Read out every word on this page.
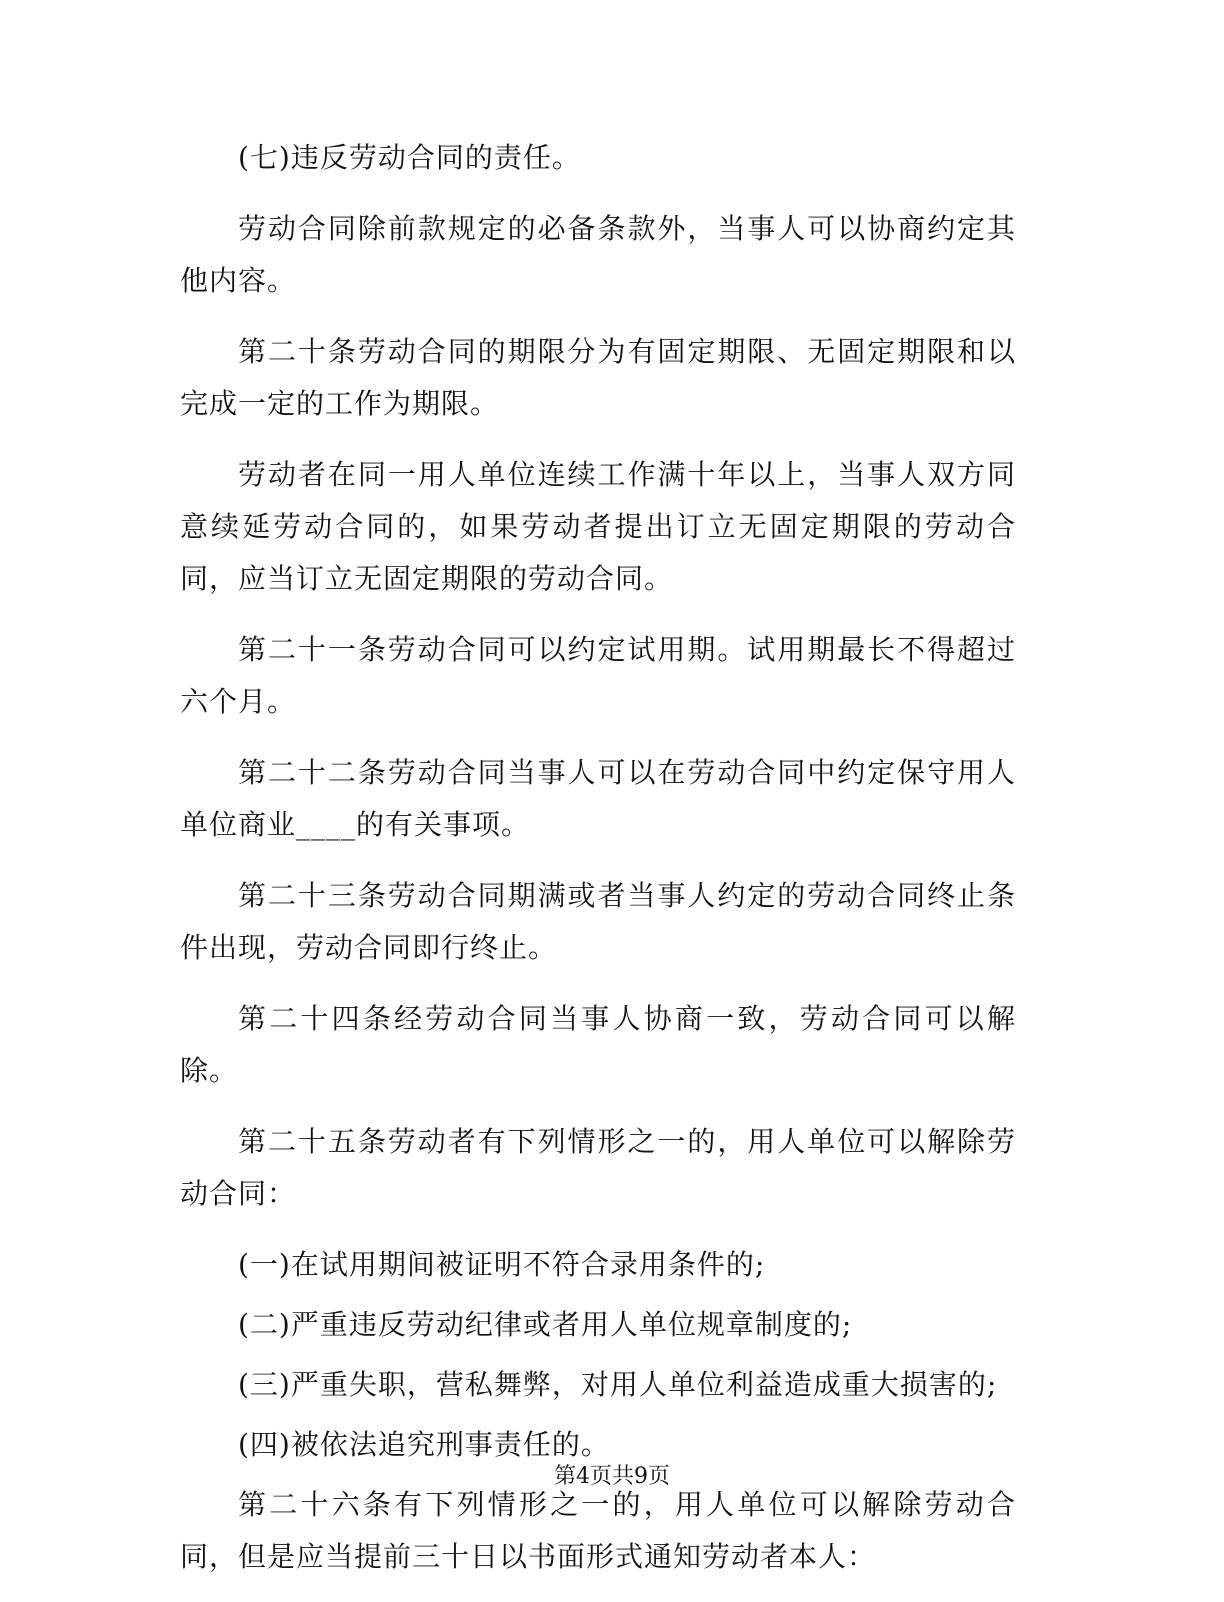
(七)违反劳动合同的责任。

劳动合同除前款规定的必备条款外，当事人可以协商约定其他内容。

第二十条劳动合同的期限分为有固定期限、无固定期限和以完成一定的工作为期限。

劳动者在同一用人单位连续工作满十年以上，当事人双方同意续延劳动合同的，如果劳动者提出订立无固定期限的劳动合同，应当订立无固定期限的劳动合同。

第二十一条劳动合同可以约定试用期。试用期最长不得超过六个月。

第二十二条劳动合同当事人可以在劳动合同中约定保守用人单位商业____的有关事项。

第二十三条劳动合同期满或者当事人约定的劳动合同终止条件出现，劳动合同即行终止。

第二十四条经劳动合同当事人协商一致，劳动合同可以解除。

第二十五条劳动者有下列情形之一的，用人单位可以解除劳动合同：

(一)在试用期间被证明不符合录用条件的;

(二)严重违反劳动纪律或者用人单位规章制度的;

(三)严重失职，营私舞弊，对用人单位利益造成重大损害的;

(四)被依法追究刑事责任的。

第二十六条有下列情形之一的，用人单位可以解除劳动合同，但是应当提前三十日以书面形式通知劳动者本人：

第4页共9页
